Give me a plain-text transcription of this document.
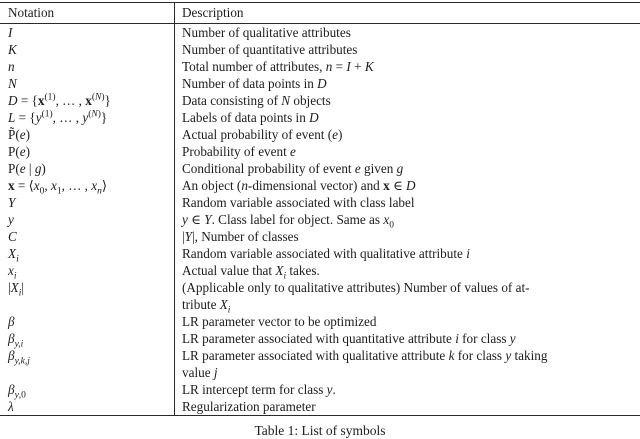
Notation	Description
I	Number of qualitative attributes
K	Number of quantitative attributes
n	Total number of attributes, n = I + K
N	Number of data points in D
$D = \{x^{(1)}$, … , $x^{(N)}$}	Data consisting of N objects
$L = \{y^{(1)}$, … , $y^{(N)}$}	Labels of data points in D
P̃(e)	Actual probability of event (e)
P(e)	Probability of event e
P(e | g)	Conditional probability of event e given g
$x = ⟨x_0$, $x_1$, … , $x_n⟩$	An object (n-dimensional vector) and x ∈ D
Y	Random variable associated with class label
y	y ∈ Y. Class label for object. Same as $x_0$
C	|Y|, Number of classes
$X_i$	Random variable associated with qualitative attribute i
$x_i$	Actual value that $X_i$ takes.
$|X_i|$	(Applicable only to qualitative attributes) Number of values of at-
tribute $X_i$
β	LR parameter vector to be optimized
$\beta_{y,i}$	LR parameter associated with quantitative attribute i for class y
$\beta_{y,k,j}$	LR parameter associated with qualitative attribute k for class y taking
value j
$\beta_{y,0}$	LR intercept term for class y.
λ	Regularization parameter
Table 1: List of symbols
